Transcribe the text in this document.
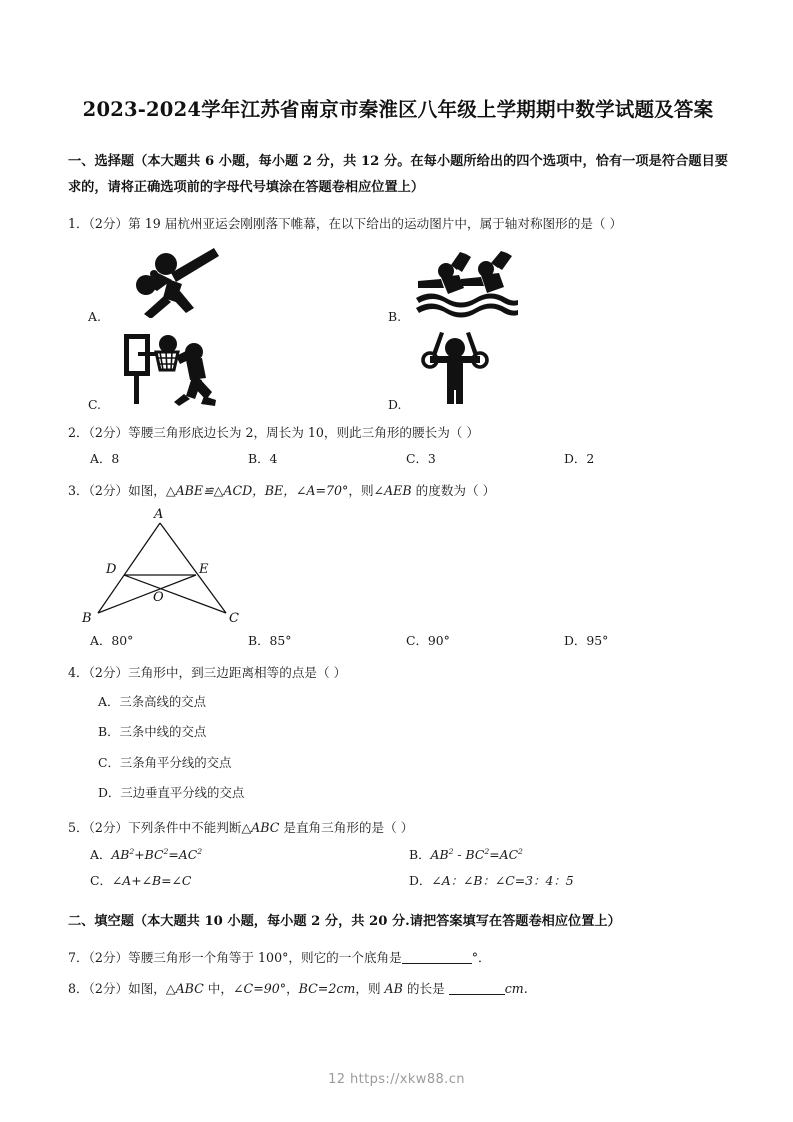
2023-2024学年江苏省南京市秦淮区八年级上学期期中数学试题及答案
一、选择题（本大题共 6 小题，每小题 2 分，共 12 分。在每小题所给出的四个选项中，恰有一项是符合题目要求的，请将正确选项前的字母代号填涂在答题卷相应位置上）
1．（2分）第 19 届杭州亚运会刚刚落下帷幕，在以下给出的运动图片中，属于轴对称图形的是（ ）
A.	B.
C.	D.
2．（2分）等腰三角形底边长为 2，周长为 10，则此三角形的腰长为（ ）
A．8	B．4	C．3	D．2
3．（2分）如图，△ABE≌△ACD，BE，∠A=70°，则∠AEB 的度数为（ ）
A
D	E
B
O
C
A．80°	B．85°	C．90°	D．95°
4．（2分）三角形中，到三边距离相等的点是（ ）
A．三条高线的交点
B．三条中线的交点
C．三条角平分线的交点
D．三边垂直平分线的交点
5．（2分）下列条件中不能判断△ABC 是直角三角形的是（ ）
A．$AB^2+BC^2=AC^2$	B．$AB^2 - BC^2=AC^2$
C．∠A+∠B=∠C	D．∠A：∠B：∠C=3：4：5
二、填空题（本大题共 10 小题，每小题 2 分，共 20 分.请把答案填写在答题卷相应位置上）
7．（2分）等腰三角形一个角等于 100°，则它的一个底角是	°．
8．（2分）如图，△ABC 中，∠C=90°，BC=2cm，则 AB 的长是	cm.
12 https://xkw88.cn
